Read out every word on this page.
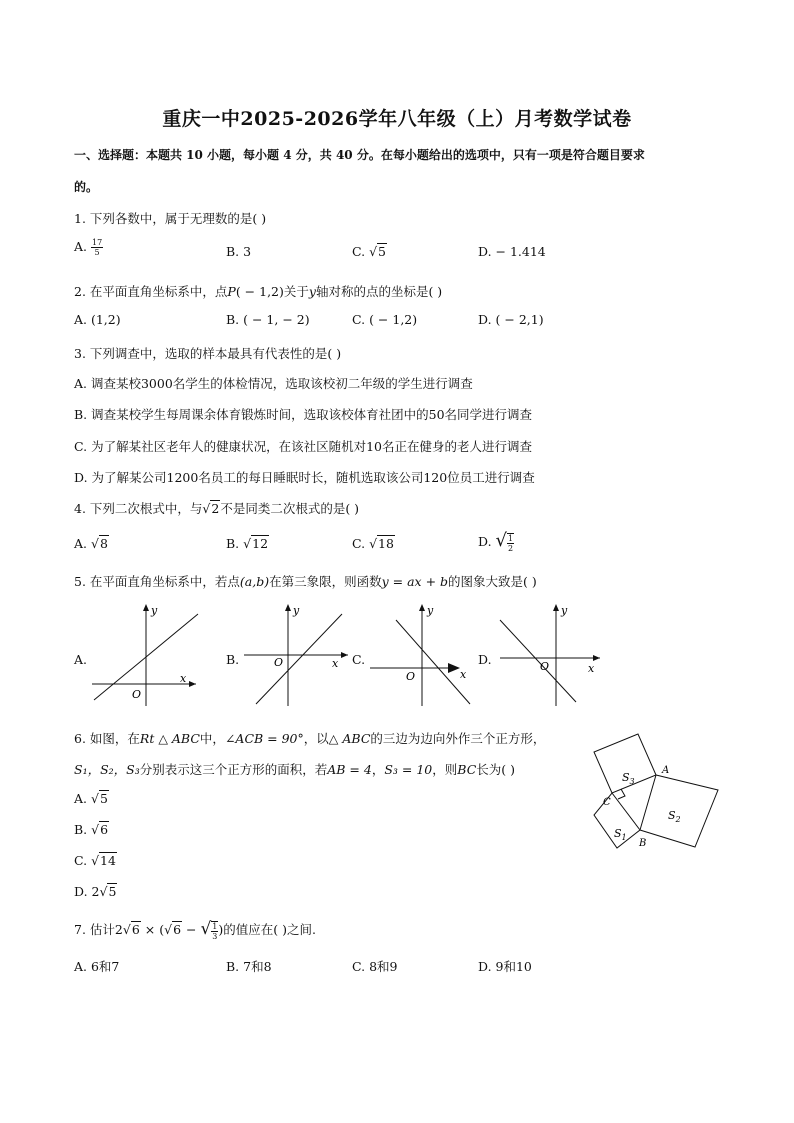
重庆一中2025-2026学年八年级（上）月考数学试卷
一、选择题：本题共 10 小题，每小题 4 分，共 40 分。在每小题给出的选项中，只有一项是符合题目要求
的。
1. 下列各数中，属于无理数的是( )
A. $\frac{17}{5}$	B. 3	C. √5	D. − 1.414
2. 在平面直角坐标系中，点P( − 1,2)关于y轴对称的点的坐标是( )
A. (1,2)	B. ( − 1, − 2)	C. ( − 1,2)	D. ( − 2,1)
3. 下列调查中，选取的样本最具有代表性的是( )
A. 调查某校3000名学生的体检情况，选取该校初二年级的学生进行调查
B. 调查某校学生每周课余体育锻炼时间，选取该校体育社团中的50名同学进行调查
C. 为了解某社区老年人的健康状况，在该社区随机对10名正在健身的老人进行调查
D. 为了解某公司1200名员工的每日睡眠时长，随机选取该公司120位员工进行调查
4. 下列二次根式中，与√2不是同类二次根式的是( )
A. √8	B. √12	C. √18	D. √ $\frac{1}{2}$
5. 在平面直角坐标系中，若点(a,b)在第三象限，则函数y = ax + b的图象大致是( )
A.	B.	C.	D.
y
x
O
y
x
O
y
x
O
y
x
O
6. 如图，在Rt △ ABC中，∠ACB = 90°，以△ ABC的三边为边向外作三个正方形，
S₁，S₂，S₃分别表示这三个正方形的面积，若AB = 4，S₃ = 10，则BC长为( )
A. √5
B. √6
C. √14
D. 2√5
$S_3$
$S_2$
$S_1$
A
B
C
7. 估计2√6 × (√6 − √ $\frac{1}{3}$ )的值应在( )之间.
A. 6和7	B. 7和8	C. 8和9	D. 9和10
